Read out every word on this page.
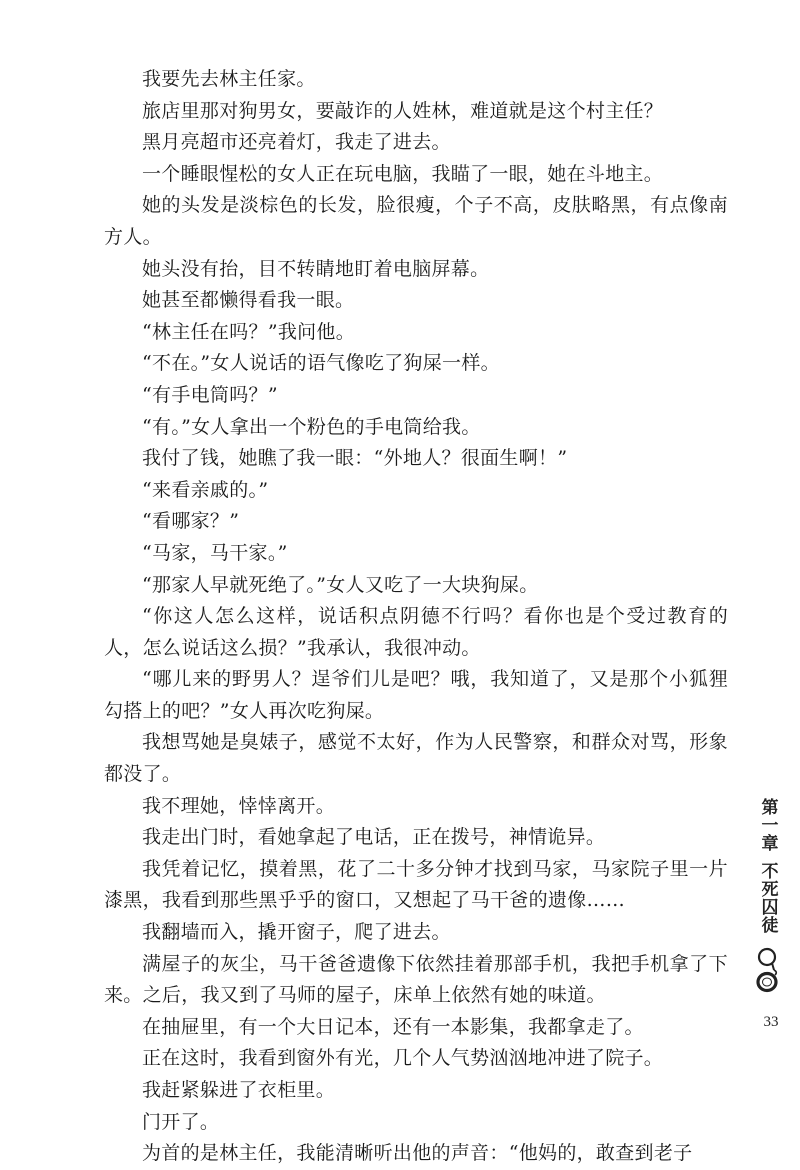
我要先去林主任家。

旅店里那对狗男女，要敲诈的人姓林，难道就是这个村主任？

黑月亮超市还亮着灯，我走了进去。

一个睡眼惺松的女人正在玩电脑，我瞄了一眼，她在斗地主。

她的头发是淡棕色的长发，脸很瘦，个子不高，皮肤略黑，有点像南方人。

她头没有抬，目不转睛地盯着电脑屏幕。

她甚至都懒得看我一眼。

“林主任在吗？”我问他。

“不在。”女人说话的语气像吃了狗屎一样。

“有手电筒吗？”

“有。”女人拿出一个粉色的手电筒给我。

我付了钱，她瞧了我一眼：“外地人？很面生啊！”

“来看亲戚的。”

“看哪家？”

“马家，马干家。”

“那家人早就死绝了。”女人又吃了一大块狗屎。

“你这人怎么这样，说话积点阴德不行吗？看你也是个受过教育的人，怎么说话这么损？”我承认，我很冲动。

“哪儿来的野男人？逞爷们儿是吧？哦，我知道了，又是那个小狐狸勾搭上的吧？”女人再次吃狗屎。

我想骂她是臭婊子，感觉不太好，作为人民警察，和群众对骂，形象都没了。

我不理她，悻悻离开。

我走出门时，看她拿起了电话，正在拨号，神情诡异。

我凭着记忆，摸着黑，花了二十多分钟才找到马家，马家院子里一片漆黑，我看到那些黑乎乎的窗口，又想起了马干爸的遗像……

我翻墙而入，撬开窗子，爬了进去。

满屋子的灰尘，马干爸爸遗像下依然挂着那部手机，我把手机拿了下来。之后，我又到了马师的屋子，床单上依然有她的味道。

在抽屉里，有一个大日记本，还有一本影集，我都拿走了。

正在这时，我看到窗外有光，几个人气势汹汹地冲进了院子。

我赶紧躲进了衣柜里。

门开了。

为首的是林主任，我能清晰听出他的声音：“他妈的，敢查到老子

第一章
不死囚徒
33
